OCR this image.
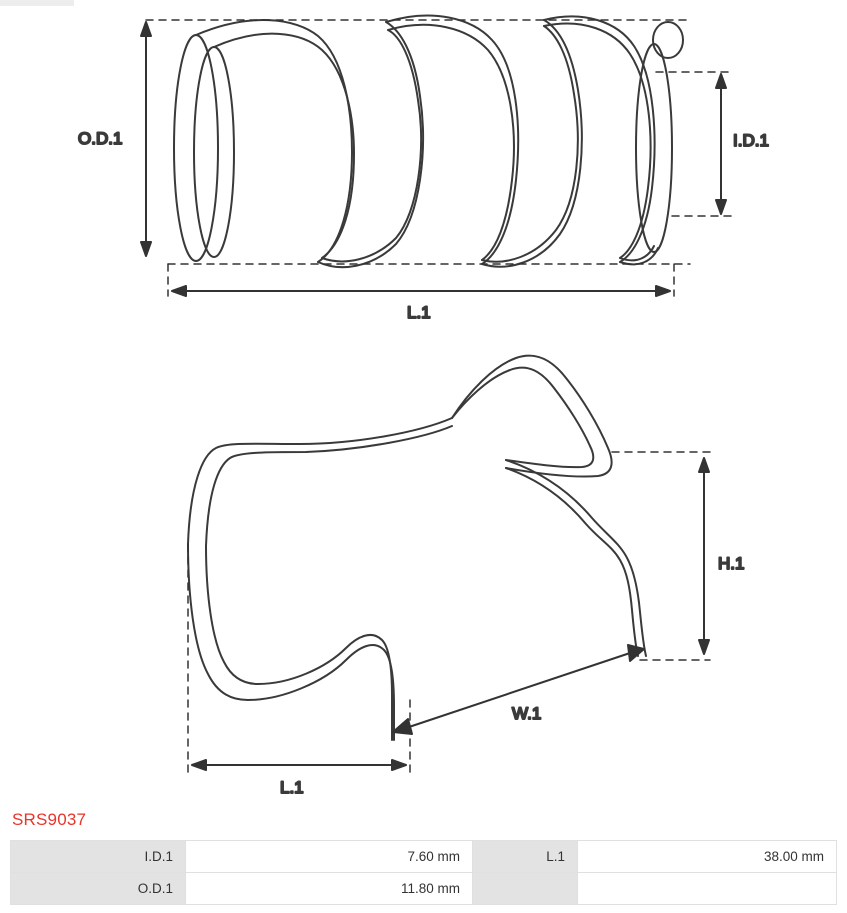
O.D.1	I.D.1
L.1
H.1
W.1
L.1
SRS9037
I.D.1	7.60 mm	L.1	38.00 mm
O.D.1	11.80 mm		
